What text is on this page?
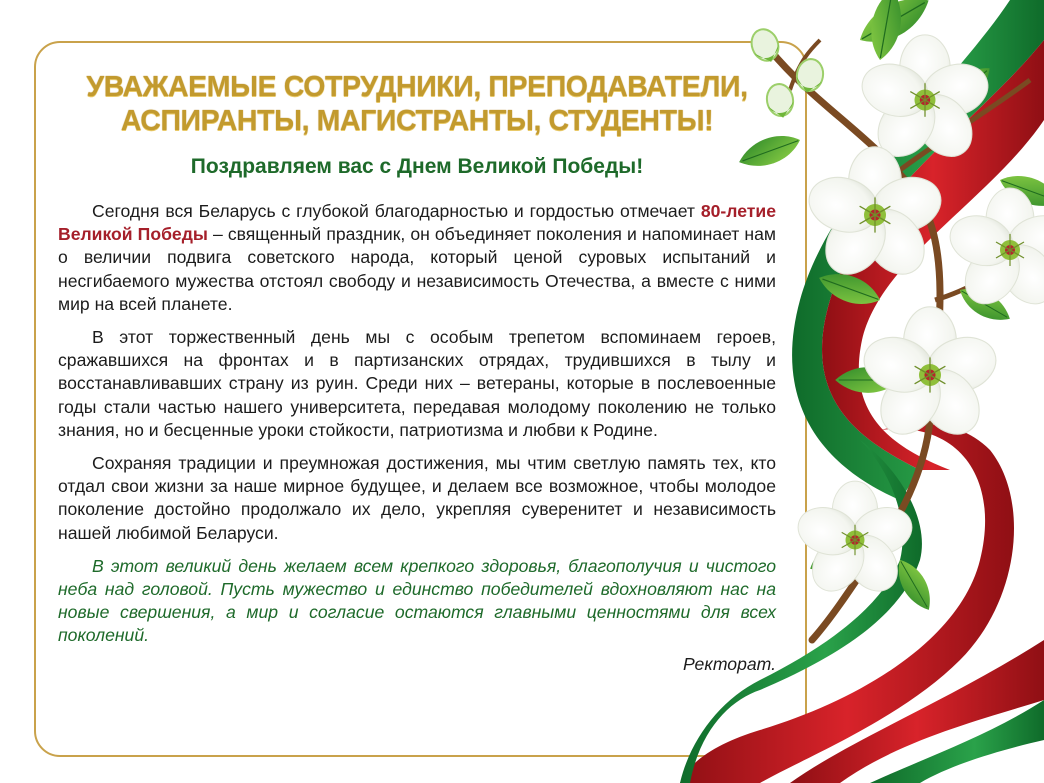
УВАЖАЕМЫЕ СОТРУДНИКИ, ПРЕПОДАВАТЕЛИ,
АСПИРАНТЫ, МАГИСТРАНТЫ, СТУДЕНТЫ!

Поздравляем вас с Днем Великой Победы!

Сегодня вся Беларусь с глубокой благодарностью и гордостью отмечает 80-летие Великой Победы – священный праздник, он объединяет поколения и напоминает нам о величии подвига советского народа, который ценой суровых испытаний и несгибаемого мужества отстоял свободу и независимость Отечества, а вместе с ними мир на всей планете.

В этот торжественный день мы с особым трепетом вспоминаем героев, сражавшихся на фронтах и в партизанских отрядах, трудившихся в тылу и восстанавливавших страну из руин. Среди них – ветераны, которые в послевоенные годы стали частью нашего университета, передавая молодому поколению не только знания, но и бесценные уроки стойкости, патриотизма и любви к Родине.

Сохраняя традиции и преумножая достижения, мы чтим светлую память тех, кто отдал свои жизни за наше мирное будущее, и делаем все возможное, чтобы молодое поколение достойно продолжало их дело, укрепляя суверенитет и независимость нашей любимой Беларуси.

В этот великий день желаем всем крепкого здоровья, благополучия и чистого неба над головой. Пусть мужество и единство победителей вдохновляют нас на новые свершения, а мир и согласие остаются главными ценностями для всех поколений.

Ректорат.
